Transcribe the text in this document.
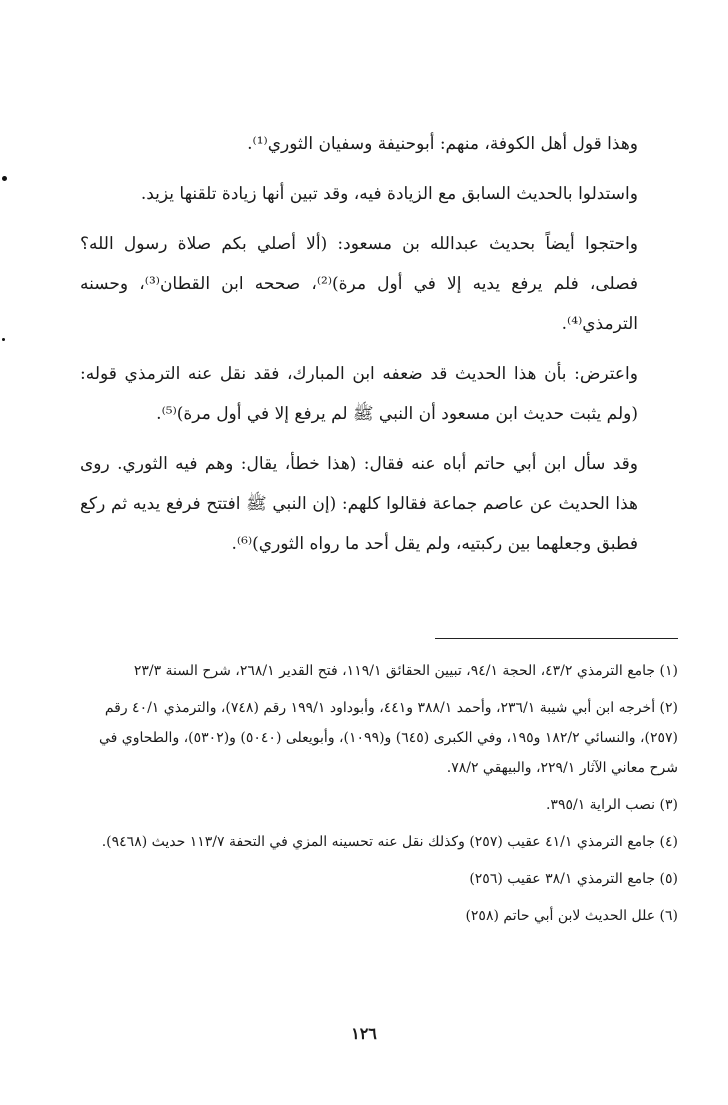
وهذا قول أهل الكوفة، منهم: أبوحنيفة وسفيان الثوري⁽¹⁾.

واستدلوا بالحديث السابق مع الزيادة فيه، وقد تبين أنها زيادة تلقنها يزيد.

واحتجوا أيضاً بحديث عبدالله بن مسعود: (ألا أصلي بكم صلاة رسول الله؟ فصلى، فلم يرفع يديه إلا في أول مرة)⁽²⁾، صححه ابن القطان⁽³⁾، وحسنه الترمذي⁽⁴⁾.

واعترض: بأن هذا الحديث قد ضعفه ابن المبارك، فقد نقل عنه الترمذي قوله: (ولم يثبت حديث ابن مسعود أن النبي ﷺ لم يرفع إلا في أول مرة)⁽⁵⁾.

وقد سأل ابن أبي حاتم أباه عنه فقال: (هذا خطأ، يقال: وهم فيه الثوري. روى هذا الحديث عن عاصم جماعة فقالوا كلهم: (إن النبي ﷺ افتتح فرفع يديه ثم ركع فطبق وجعلهما بين ركبتيه، ولم يقل أحد ما رواه الثوري)⁽⁶⁾.

(١) جامع الترمذي ٤٣/٢، الحجة ٩٤/١، تبيين الحقائق ١١٩/١، فتح القدير ٢٦٨/١، شرح السنة ٢٣/٣

(٢) أخرجه ابن أبي شيبة ٢٣٦/١، وأحمد ٣٨٨/١ و٤٤١، وأبوداود ١٩٩/١ رقم (٧٤٨)، والترمذي ٤٠/١ رقم (٢٥٧)، والنسائي ١٨٢/٢ و١٩٥، وفي الكبرى (٦٤٥) و(١٠٩٩)، وأبويعلى (٥٠٤٠) و(٥٣٠٢)، والطحاوي في شرح معاني الآثار ٢٢٩/١، والبيهقي ٧٨/٢.

(٣) نصب الراية ٣٩٥/١.

(٤) جامع الترمذي ٤١/١ عقيب (٢٥٧) وكذلك نقل عنه تحسينه المزي في التحفة ١١٣/٧ حديث (٩٤٦٨).

(٥) جامع الترمذي ٣٨/١ عقيب (٢٥٦)

(٦) علل الحديث لابن أبي حاتم (٢٥٨)

١٢٦
